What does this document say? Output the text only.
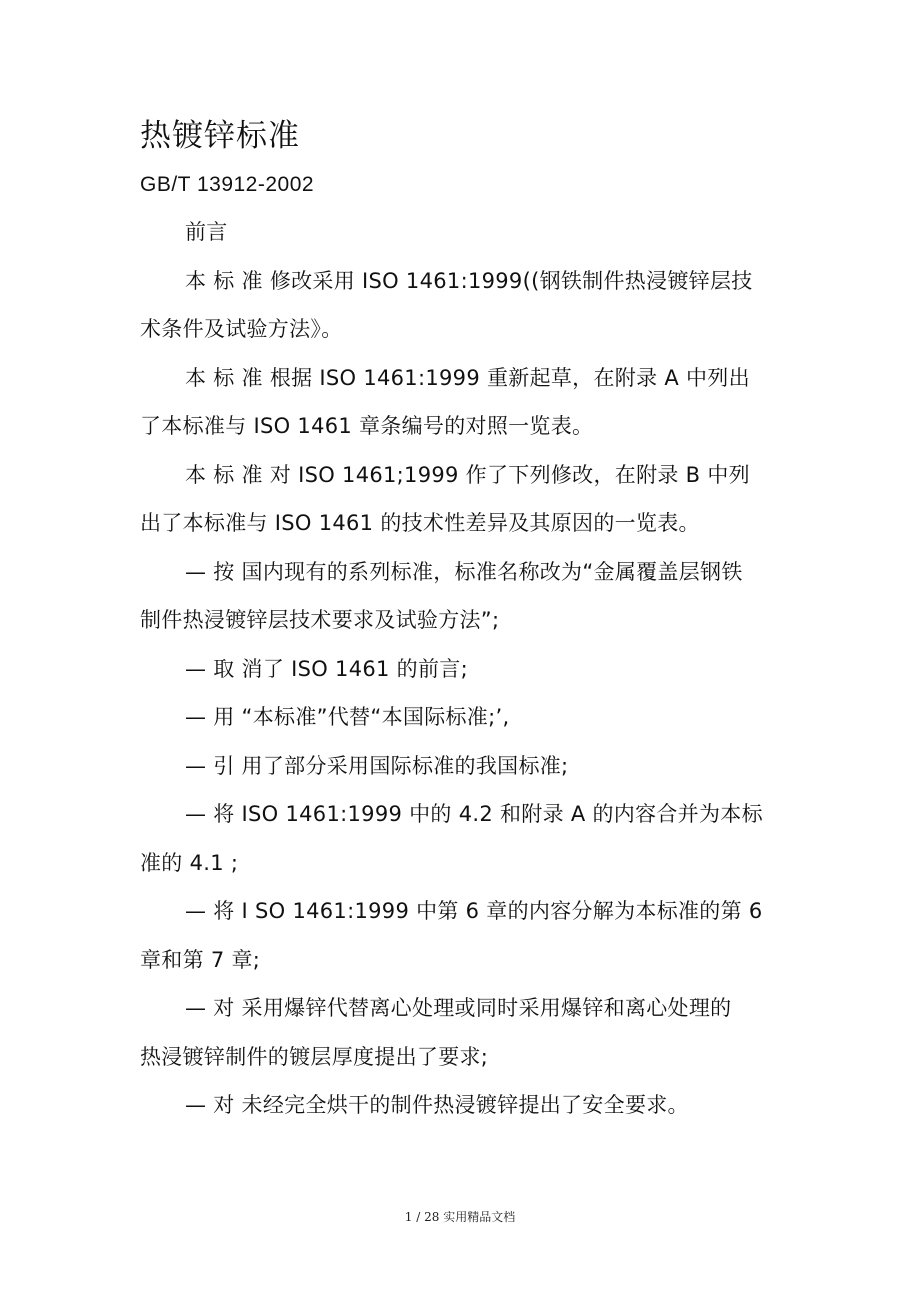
热镀锌标准
GB/T 13912-2002
前言
本 标 准 修改采用 ISO 1461:1999((钢铁制件热浸镀锌层技
术条件及试验方法》。
本 标 准 根据 ISO 1461:1999 重新起草，在附录 A 中列出
了本标准与 ISO 1461 章条编号的对照一览表。
本 标 准 对 ISO 1461;1999 作了下列修改，在附录 B 中列
出了本标准与 ISO 1461 的技术性差异及其原因的一览表。
— 按 国内现有的系列标准，标准名称改为“金属覆盖层钢铁
制件热浸镀锌层技术要求及试验方法”;
— 取 消了 ISO 1461 的前言;
— 用 “本标准”代替“本国际标准;’,
— 引 用了部分采用国际标准的我国标准;
— 将 ISO 1461:1999 中的 4.2 和附录 A 的内容合并为本标
准的 4.1 ;
— 将 I SO 1461:1999 中第 6 章的内容分解为本标准的第 6
章和第 7 章;
— 对 采用爆锌代替离心处理或同时采用爆锌和离心处理的
热浸镀锌制件的镀层厚度提出了要求;
— 对 未经完全烘干的制件热浸镀锌提出了安全要求。
1 / 28 实用精品文档
